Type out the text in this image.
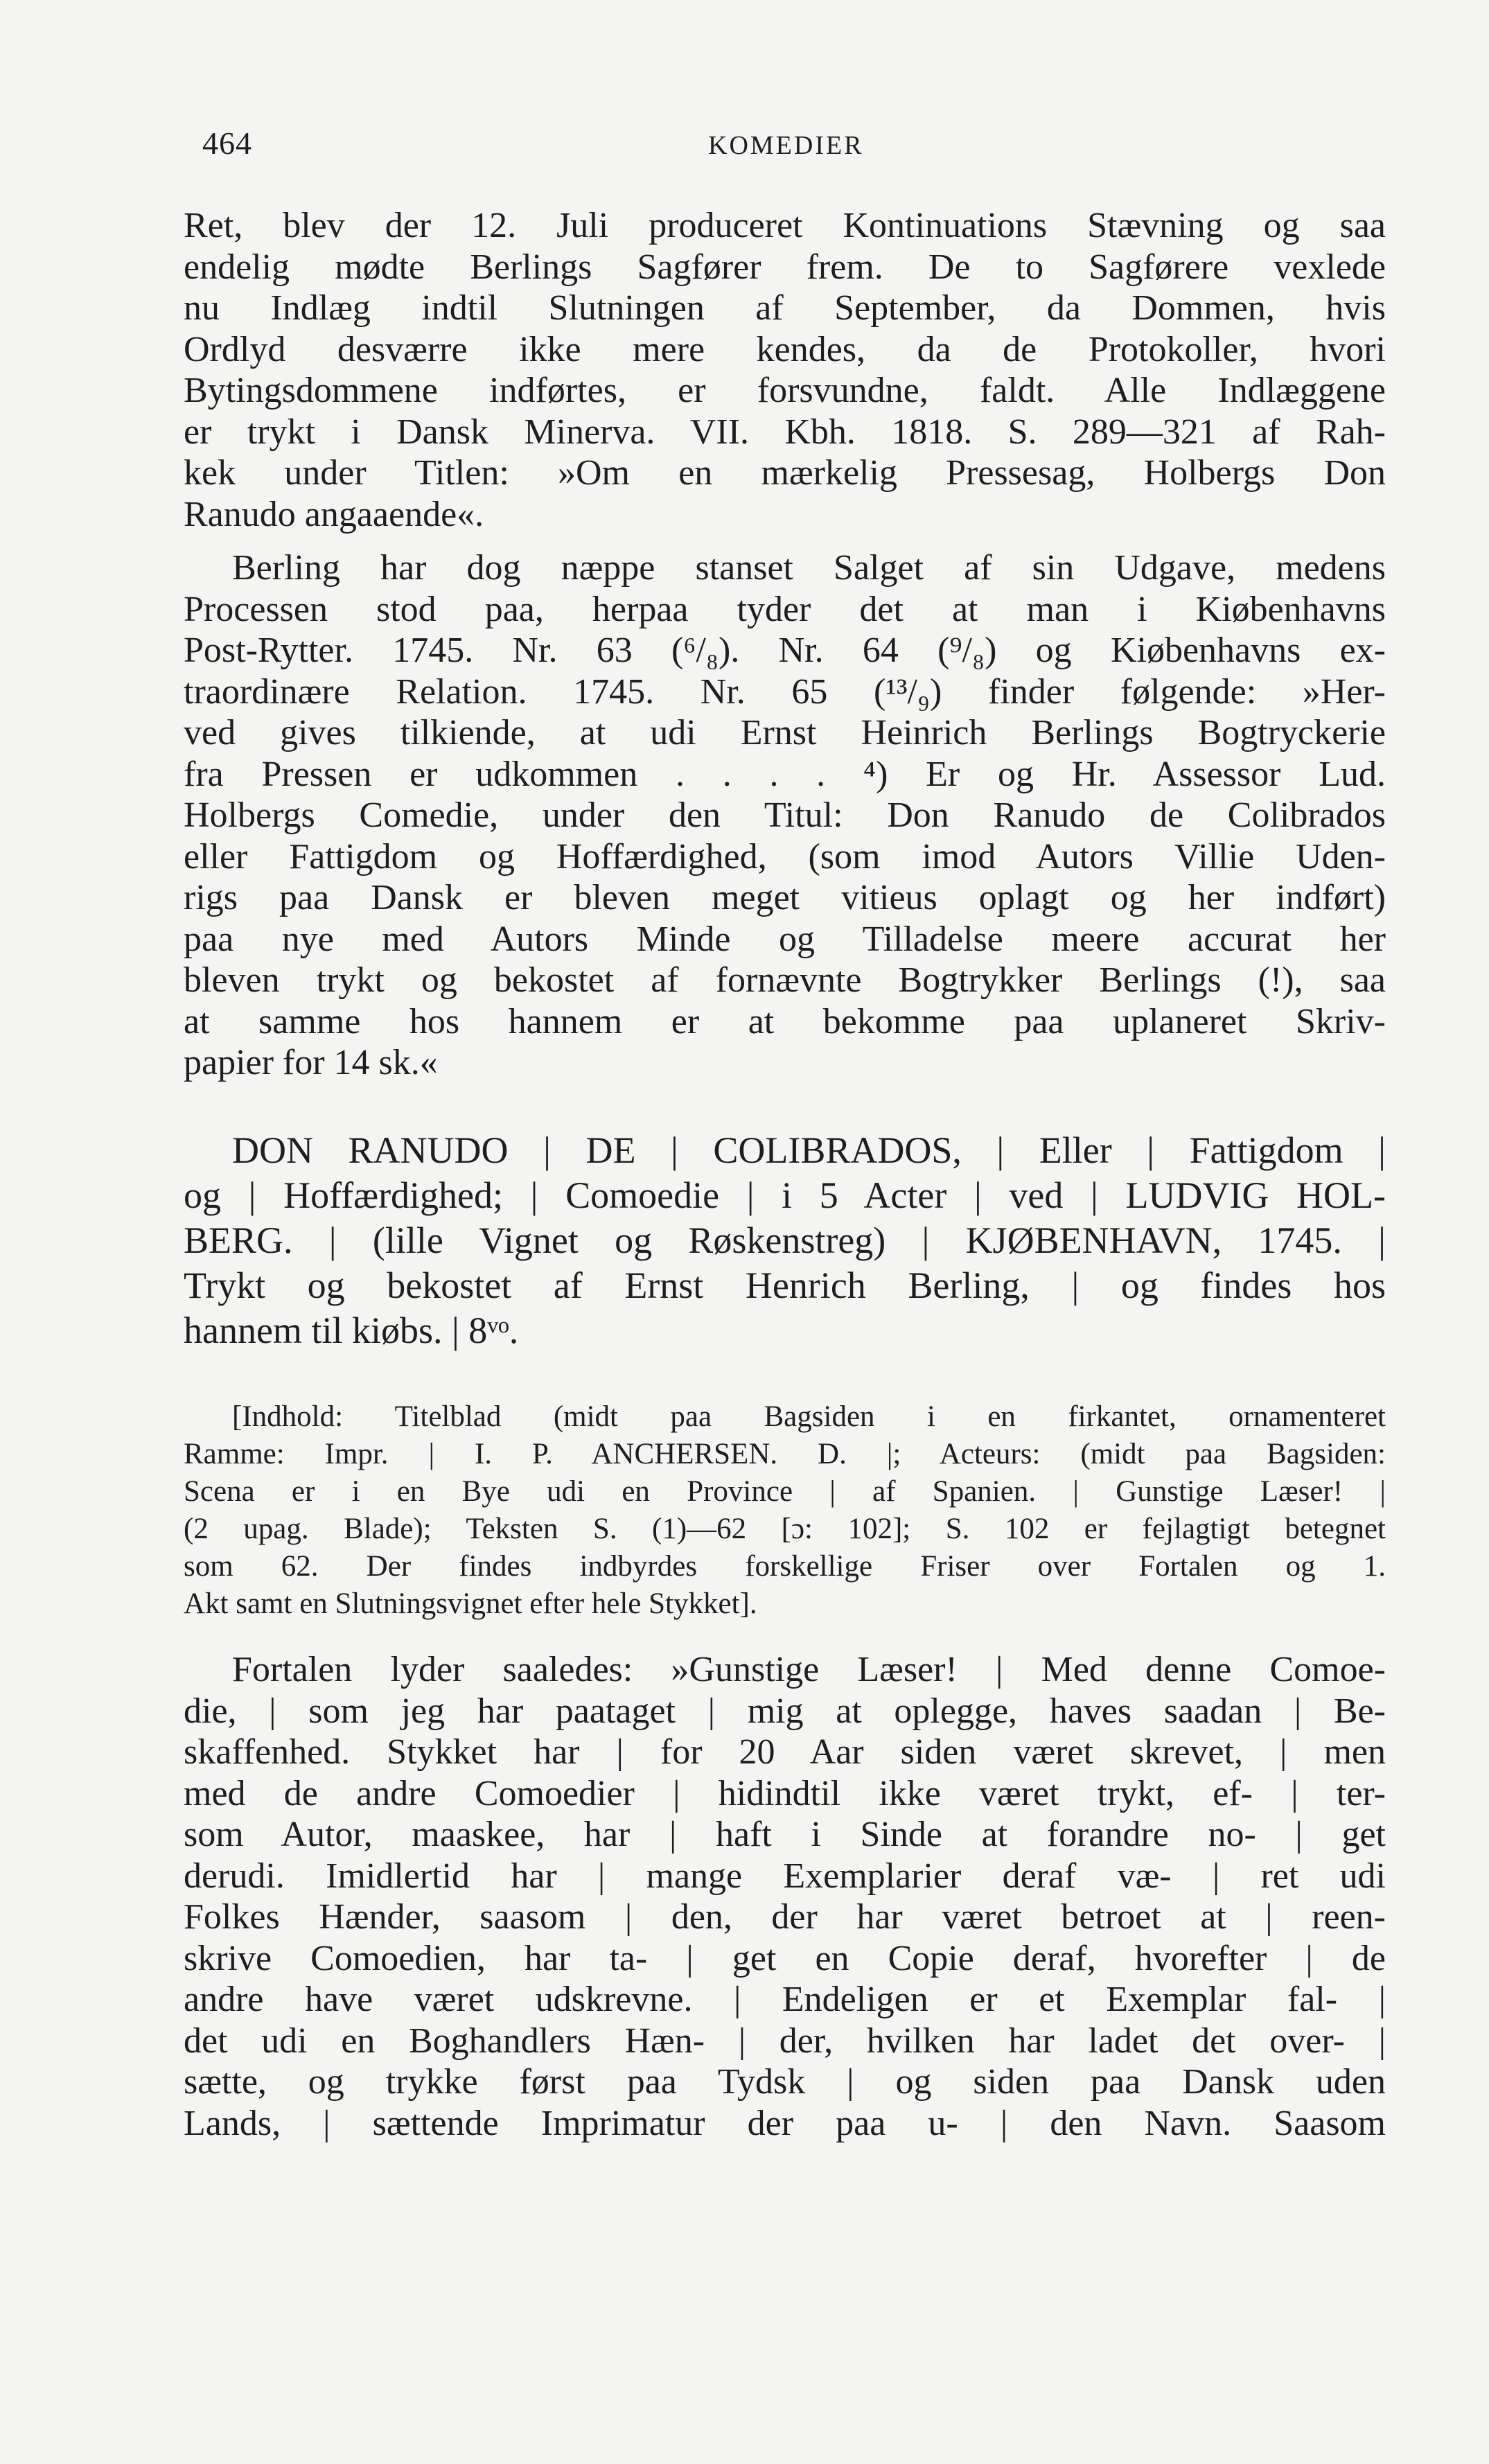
464	KOMEDIER
Ret, blev der 12. Juli produceret Kontinuations Stævning og saa
endelig mødte Berlings Sagfører frem. De to Sagførere vexlede
nu Indlæg indtil Slutningen af September, da Dommen, hvis
Ordlyd desværre ikke mere kendes, da de Protokoller, hvori
Bytingsdommene indførtes, er forsvundne, faldt. Alle Indlæggene
er trykt i Dansk Minerva. VII. Kbh. 1818. S. 289—321 af Rah-
kek under Titlen: »Om en mærkelig Pressesag, Holbergs Don
Ranudo angaaende«.
Berling har dog næppe stanset Salget af sin Udgave, medens
Processen stod paa, herpaa tyder det at man i Kiøbenhavns
Post-Rytter. 1745. Nr. 63 (⁶/₈). Nr. 64 (⁹/₈) og Kiøbenhavns ex-
traordinære Relation. 1745. Nr. 65 (¹³/₉) finder følgende: »Her-
ved gives tilkiende, at udi Ernst Heinrich Berlings Bogtryckerie
fra Pressen er udkommen . . . . ⁴) Er og Hr. Assessor Lud.
Holbergs Comedie, under den Titul: Don Ranudo de Colibrados
eller Fattigdom og Hoffærdighed, (som imod Autors Villie Uden-
rigs paa Dansk er bleven meget vitieus oplagt og her indført)
paa nye med Autors Minde og Tilladelse meere accurat her
bleven trykt og bekostet af fornævnte Bogtrykker Berlings (!), saa
at samme hos hannem er at bekomme paa uplaneret Skriv-
papier for 14 sk.«
DON RANUDO | DE | COLIBRADOS, | Eller | Fattigdom |
og | Hoffærdighed; | Comoedie | i 5 Acter | ved | LUDVIG HOL-
BERG. | (lille Vignet og Røskenstreg) | KJØBENHAVN, 1745. |
Trykt og bekostet af Ernst Henrich Berling, | og findes hos
hannem til kiøbs. | 8ᵛᵒ.
[Indhold: Titelblad (midt paa Bagsiden i en firkantet, ornamenteret
Ramme: Impr. | I. P. ANCHERSEN. D. |; Acteurs: (midt paa Bagsiden:
Scena er i en Bye udi en Province | af Spanien. | Gunstige Læser! |
(2 upag. Blade); Teksten S. (1)—62 [ɔ: 102]; S. 102 er fejlagtigt betegnet
som 62. Der findes indbyrdes forskellige Friser over Fortalen og 1.
Akt samt en Slutningsvignet efter hele Stykket].
Fortalen lyder saaledes: »Gunstige Læser! | Med denne Comoe-
die, | som jeg har paataget | mig at oplegge, haves saadan | Be-
skaffenhed. Stykket har | for 20 Aar siden været skrevet, | men
med de andre Comoedier | hidindtil ikke været trykt, ef- | ter-
som Autor, maaskee, har | haft i Sinde at forandre no- | get
derudi. Imidlertid har | mange Exemplarier deraf væ- | ret udi
Folkes Hænder, saasom | den, der har været betroet at | reen-
skrive Comoedien, har ta- | get en Copie deraf, hvorefter | de
andre have været udskrevne. | Endeligen er et Exemplar fal- |
det udi en Boghandlers Hæn- | der, hvilken har ladet det over- |
sætte, og trykke først paa Tydsk | og siden paa Dansk uden
Lands, | sættende Imprimatur der paa u- | den Navn. Saasom
